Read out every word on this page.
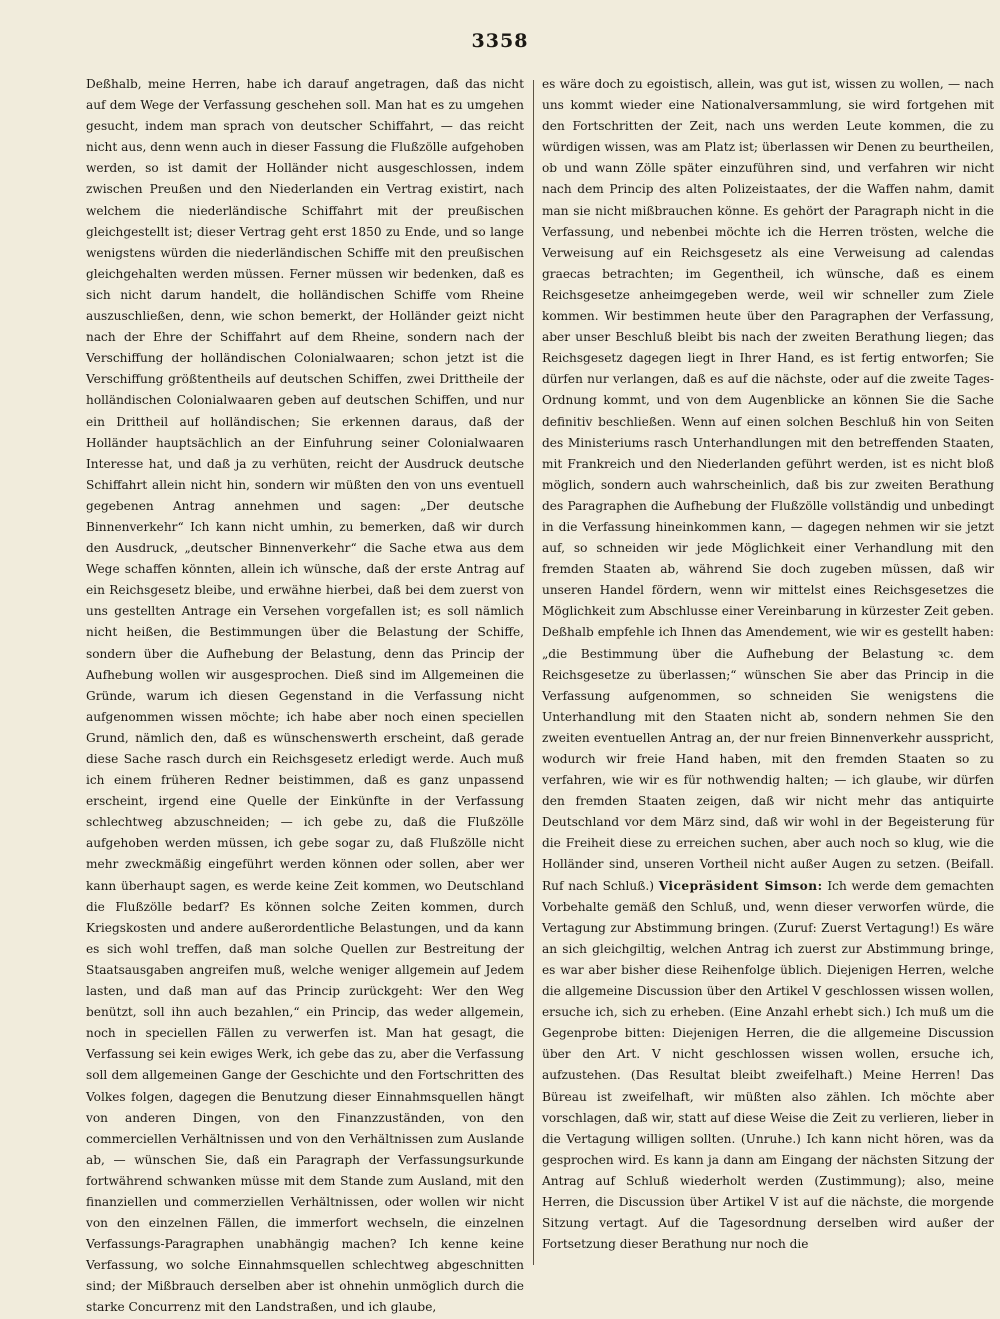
3358

Deßhalb, meine Herren, habe ich darauf angetragen, daß das nicht auf dem Wege der Verfassung geschehen soll. Man hat es zu umgehen gesucht, indem man sprach von deutscher Schiffahrt, — das reicht nicht aus, denn wenn auch in dieser Fassung die Flußzölle aufgehoben werden, so ist damit der Holländer nicht ausgeschlossen, indem zwischen Preußen und den Niederlanden ein Vertrag existirt, nach welchem die niederländische Schiffahrt mit der preußischen gleichgestellt ist; dieser Vertrag geht erst 1850 zu Ende, und so lange wenigstens würden die niederländischen Schiffe mit den preußischen gleichgehalten werden müssen. Ferner müssen wir bedenken, daß es sich nicht darum handelt, die holländischen Schiffe vom Rheine auszuschließen, denn, wie schon bemerkt, der Holländer geizt nicht nach der Ehre der Schiffahrt auf dem Rheine, sondern nach der Verschiffung der holländischen Colonialwaaren; schon jetzt ist die Verschiffung größtentheils auf deutschen Schiffen, zwei Drittheile der holländischen Colonialwaaren geben auf deutschen Schiffen, und nur ein Drittheil auf holländischen; Sie erkennen daraus, daß der Holländer hauptsächlich an der Einfuhrung seiner Colonialwaaren Interesse hat, und daß ja zu verhüten, reicht der Ausdruck deutsche Schiffahrt allein nicht hin, sondern wir müßten den von uns eventuell gegebenen Antrag annehmen und sagen: „Der deutsche Binnenverkehr“ Ich kann nicht umhin, zu bemerken, daß wir durch den Ausdruck, „deutscher Binnenverkehr“ die Sache etwa aus dem Wege schaffen könnten, allein ich wünsche, daß der erste Antrag auf ein Reichsgesetz bleibe, und erwähne hierbei, daß bei dem zuerst von uns gestellten Antrage ein Versehen vorgefallen ist; es soll nämlich nicht heißen, die Bestimmungen über die Belastung der Schiffe, sondern über die Aufhebung der Belastung, denn das Princip der Aufhebung wollen wir ausgesprochen. Dieß sind im Allgemeinen die Gründe, warum ich diesen Gegenstand in die Verfassung nicht aufgenommen wissen möchte; ich habe aber noch einen speciellen Grund, nämlich den, daß es wünschenswerth erscheint, daß gerade diese Sache rasch durch ein Reichsgesetz erledigt werde. Auch muß ich einem früheren Redner beistimmen, daß es ganz unpassend erscheint, irgend eine Quelle der Einkünfte in der Verfassung schlechtweg abzuschneiden; — ich gebe zu, daß die Flußzölle aufgehoben werden müssen, ich gebe sogar zu, daß Flußzölle nicht mehr zweckmäßig eingeführt werden können oder sollen, aber wer kann überhaupt sagen, es werde keine Zeit kommen, wo Deutschland die Flußzölle bedarf? Es können solche Zeiten kommen, durch Kriegskosten und andere außerordentliche Belastungen, und da kann es sich wohl treffen, daß man solche Quellen zur Bestreitung der Staatsausgaben angreifen muß, welche weniger allgemein auf Jedem lasten, und daß man auf das Princip zurückgeht: Wer den Weg benützt, soll ihn auch bezahlen,“ ein Princip, das weder allgemein, noch in speciellen Fällen zu verwerfen ist. Man hat gesagt, die Verfassung sei kein ewiges Werk, ich gebe das zu, aber die Verfassung soll dem allgemeinen Gange der Geschichte und den Fortschritten des Volkes folgen, dagegen die Benutzung dieser Einnahmsquellen hängt von anderen Dingen, von den Finanzzuständen, von den commerciellen Verhältnissen und von den Verhältnissen zum Auslande ab, — wünschen Sie, daß ein Paragraph der Verfassungsurkunde fortwährend schwanken müsse mit dem Stande zum Ausland, mit den finanziellen und commerziellen Verhältnissen, oder wollen wir nicht von den einzelnen Fällen, die immerfort wechseln, die einzelnen Verfassungs-Paragraphen unabhängig machen? Ich kenne keine Verfassung, wo solche Einnahmsquellen schlechtweg abgeschnitten sind; der Mißbrauch derselben aber ist ohnehin unmöglich durch die starke Concurrenz mit den Landstraßen, und ich glaube,

es wäre doch zu egoistisch, allein, was gut ist, wissen zu wollen, — nach uns kommt wieder eine Nationalversammlung, sie wird fortgehen mit den Fortschritten der Zeit, nach uns werden Leute kommen, die zu würdigen wissen, was am Platz ist; überlassen wir Denen zu beurtheilen, ob und wann Zölle später einzuführen sind, und verfahren wir nicht nach dem Princip des alten Polizeistaates, der die Waffen nahm, damit man sie nicht mißbrauchen könne. Es gehört der Paragraph nicht in die Verfassung, und nebenbei möchte ich die Herren trösten, welche die Verweisung auf ein Reichsgesetz als eine Verweisung ad calendas graecas betrachten; im Gegentheil, ich wünsche, daß es einem Reichsgesetze anheimgegeben werde, weil wir schneller zum Ziele kommen. Wir bestimmen heute über den Paragraphen der Verfassung, aber unser Beschluß bleibt bis nach der zweiten Berathung liegen; das Reichsgesetz dagegen liegt in Ihrer Hand, es ist fertig entworfen; Sie dürfen nur verlangen, daß es auf die nächste, oder auf die zweite Tages-Ordnung kommt, und von dem Augenblicke an können Sie die Sache definitiv beschließen. Wenn auf einen solchen Beschluß hin von Seiten des Ministeriums rasch Unterhandlungen mit den betreffenden Staaten, mit Frankreich und den Niederlanden geführt werden, ist es nicht bloß möglich, sondern auch wahrscheinlich, daß bis zur zweiten Berathung des Paragraphen die Aufhebung der Flußzölle vollständig und unbedingt in die Verfassung hineinkommen kann, — dagegen nehmen wir sie jetzt auf, so schneiden wir jede Möglichkeit einer Verhandlung mit den fremden Staaten ab, während Sie doch zugeben müssen, daß wir unseren Handel fördern, wenn wir mittelst eines Reichsgesetzes die Möglichkeit zum Abschlusse einer Vereinbarung in kürzester Zeit geben. Deßhalb empfehle ich Ihnen das Amendement, wie wir es gestellt haben: „die Bestimmung über die Aufhebung der Belastung ꝛc. dem Reichsgesetze zu überlassen;“ wünschen Sie aber das Princip in die Verfassung aufgenommen, so schneiden Sie wenigstens die Unterhandlung mit den Staaten nicht ab, sondern nehmen Sie den zweiten eventuellen Antrag an, der nur freien Binnenverkehr ausspricht, wodurch wir freie Hand haben, mit den fremden Staaten so zu verfahren, wie wir es für nothwendig halten; — ich glaube, wir dürfen den fremden Staaten zeigen, daß wir nicht mehr das antiquirte Deutschland vor dem März sind, daß wir wohl in der Begeisterung für die Freiheit diese zu erreichen suchen, aber auch noch so klug, wie die Holländer sind, unseren Vortheil nicht außer Augen zu setzen. (Beifall. Ruf nach Schluß.) Vicepräsident Simson: Ich werde dem gemachten Vorbehalte gemäß den Schluß, und, wenn dieser verworfen würde, die Vertagung zur Abstimmung bringen. (Zuruf: Zuerst Vertagung!) Es wäre an sich gleichgiltig, welchen Antrag ich zuerst zur Abstimmung bringe, es war aber bisher diese Reihenfolge üblich. Diejenigen Herren, welche die allgemeine Discussion über den Artikel V geschlossen wissen wollen, ersuche ich, sich zu erheben. (Eine Anzahl erhebt sich.) Ich muß um die Gegenprobe bitten: Diejenigen Herren, die die allgemeine Discussion über den Art. V nicht geschlossen wissen wollen, ersuche ich, aufzustehen. (Das Resultat bleibt zweifelhaft.) Meine Herren! Das Büreau ist zweifelhaft, wir müßten also zählen. Ich möchte aber vorschlagen, daß wir, statt auf diese Weise die Zeit zu verlieren, lieber in die Vertagung willigen sollten. (Unruhe.) Ich kann nicht hören, was da gesprochen wird. Es kann ja dann am Eingang der nächsten Sitzung der Antrag auf Schluß wiederholt werden (Zustimmung); also, meine Herren, die Discussion über Artikel V ist auf die nächste, die morgende Sitzung vertagt. Auf die Tagesordnung derselben wird außer der Fortsetzung dieser Berathung nur noch die
